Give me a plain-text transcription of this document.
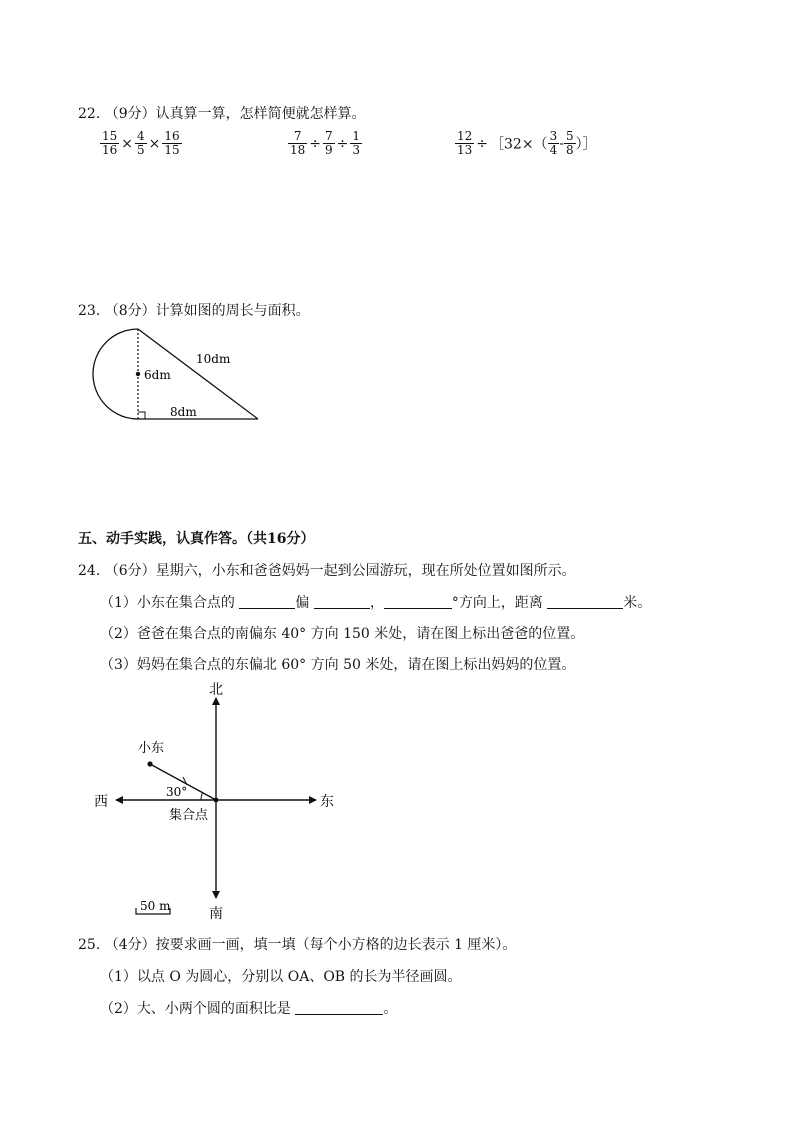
22. （9分）认真算一算，怎样简便就怎样算。
$\frac{15}{16} \times \frac{4}{5} \times \frac{16}{15}$	$\frac{7}{18} \div \frac{7}{9} \div \frac{1}{3}$	$\frac{12}{13}$ ÷ ［32×（ $\frac{3}{4} - \frac{5}{8}$ ）］
23. （8分）计算如图的周长与面积。
6dm
10dm
8dm
五、动手实践，认真作答。（共16分）
24. （6分）星期六，小东和爸爸妈妈一起到公园游玩，现在所处位置如图所示。
（1）小东在集合点的	偏	，	°方向上，距离	米。
（2）爸爸在集合点的南偏东 40° 方向 150 米处，请在图上标出爸爸的位置。
（3）妈妈在集合点的东偏北 60° 方向 50 米处，请在图上标出妈妈的位置。
北
南
东
西
小东
30°
集合点
50 m
25. （4分）按要求画一画，填一填（每个小方格的边长表示 1 厘米）。
（1）以点 O 为圆心，分别以 OA、OB 的长为半径画圆。
（2）大、小两个圆的面积比是	。
